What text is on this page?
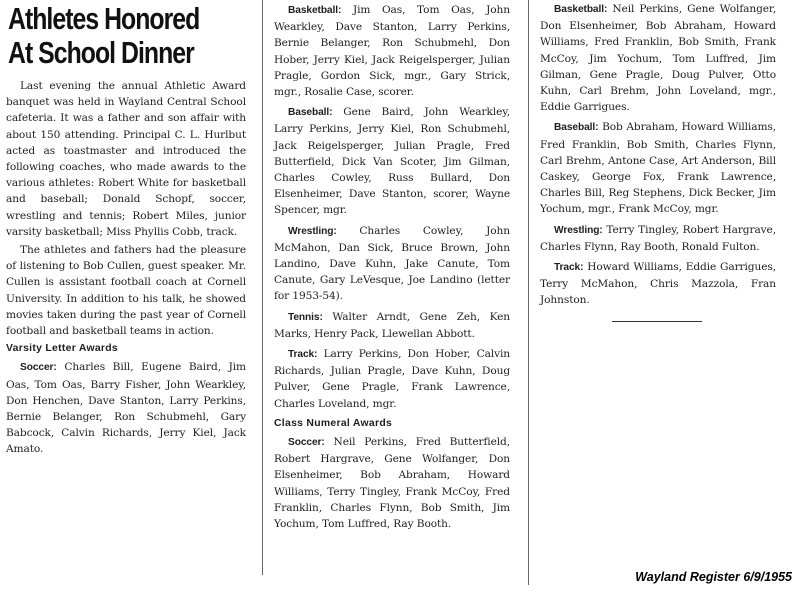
Athletes Honored
At School Dinner

Last evening the annual Athletic Award banquet was held in Wayland Central School cafeteria. It was a father and son affair with about 150 attending. Principal C. L. Hurlbut acted as toastmaster and introduced the following coaches, who made awards to the various athletes: Robert White for basketball and baseball; Donald Schopf, soccer, wrestling and tennis; Robert Miles, junior varsity basketball; Miss Phyllis Cobb, track.

The athletes and fathers had the pleasure of listening to Bob Cullen, guest speaker. Mr. Cullen is assistant football coach at Cornell University. In addition to his talk, he showed movies taken during the past year of Cornell football and basketball teams in action.

Varsity Letter Awards
Soccer: Charles Bill, Eugene Baird, Jim Oas, Tom Oas, Barry Fisher, John Wearkley, Don Henchen, Dave Stanton, Larry Perkins, Bernie Belanger, Ron Schubmehl, Gary Babcock, Calvin Richards, Jerry Kiel, Jack Amato.
Basketball: Jim Oas, Tom Oas, John Wearkley, Dave Stanton, Larry Perkins, Bernie Belanger, Ron Schubmehl, Don Hober, Jerry Kiel, Jack Reigelsperger, Julian Pragle, Gordon Sick, mgr., Gary Strick, mgr., Rosalie Case, scorer.
Baseball: Gene Baird, John Wearkley, Larry Perkins, Jerry Kiel, Ron Schubmehl, Jack Reigelsperger, Julian Pragle, Fred Butterfield, Dick Van Scoter, Jim Gilman, Charles Cowley, Russ Bullard, Don Elsenheimer, Dave Stanton, scorer, Wayne Spencer, mgr.
Wrestling: Charles Cowley, John McMahon, Dan Sick, Bruce Brown, John Landino, Dave Kuhn, Jake Canute, Tom Canute, Gary LeVesque, Joe Landino (letter for 1953-54).
Tennis: Walter Arndt, Gene Zeh, Ken Marks, Henry Pack, Llewellan Abbott.
Track: Larry Perkins, Don Hober, Calvin Richards, Julian Pragle, Dave Kuhn, Doug Pulver, Gene Pragle, Frank Lawrence, Charles Loveland, mgr.
Class Numeral Awards
Soccer: Neil Perkins, Fred Butterfield, Robert Hargrave, Gene Wolfanger, Don Elsenheimer, Bob Abraham, Howard Williams, Terry Tingley, Frank McCoy, Fred Franklin, Charles Flynn, Bob Smith, Jim Yochum, Tom Luffred, Ray Booth.
Basketball: Neil Perkins, Gene Wolfanger, Don Elsenheimer, Bob Abraham, Howard Williams, Fred Franklin, Bob Smith, Frank McCoy, Jim Yochum, Tom Luffred, Jim Gilman, Gene Pragle, Doug Pulver, Otto Kuhn, Carl Brehm, John Loveland, mgr., Eddie Garrigues.
Baseball: Bob Abraham, Howard Williams, Fred Franklin, Bob Smith, Charles Flynn, Carl Brehm, Antone Case, Art Anderson, Bill Caskey, George Fox, Frank Lawrence, Charles Bill, Reg Stephens, Dick Becker, Jim Yochum, mgr., Frank McCoy, mgr.
Wrestling: Terry Tingley, Robert Hargrave, Charles Flynn, Ray Booth, Ronald Fulton.
Track: Howard Williams, Eddie Garrigues, Terry McMahon, Chris Mazzola, Fran Johnston.
Wayland Register 6/9/1955
